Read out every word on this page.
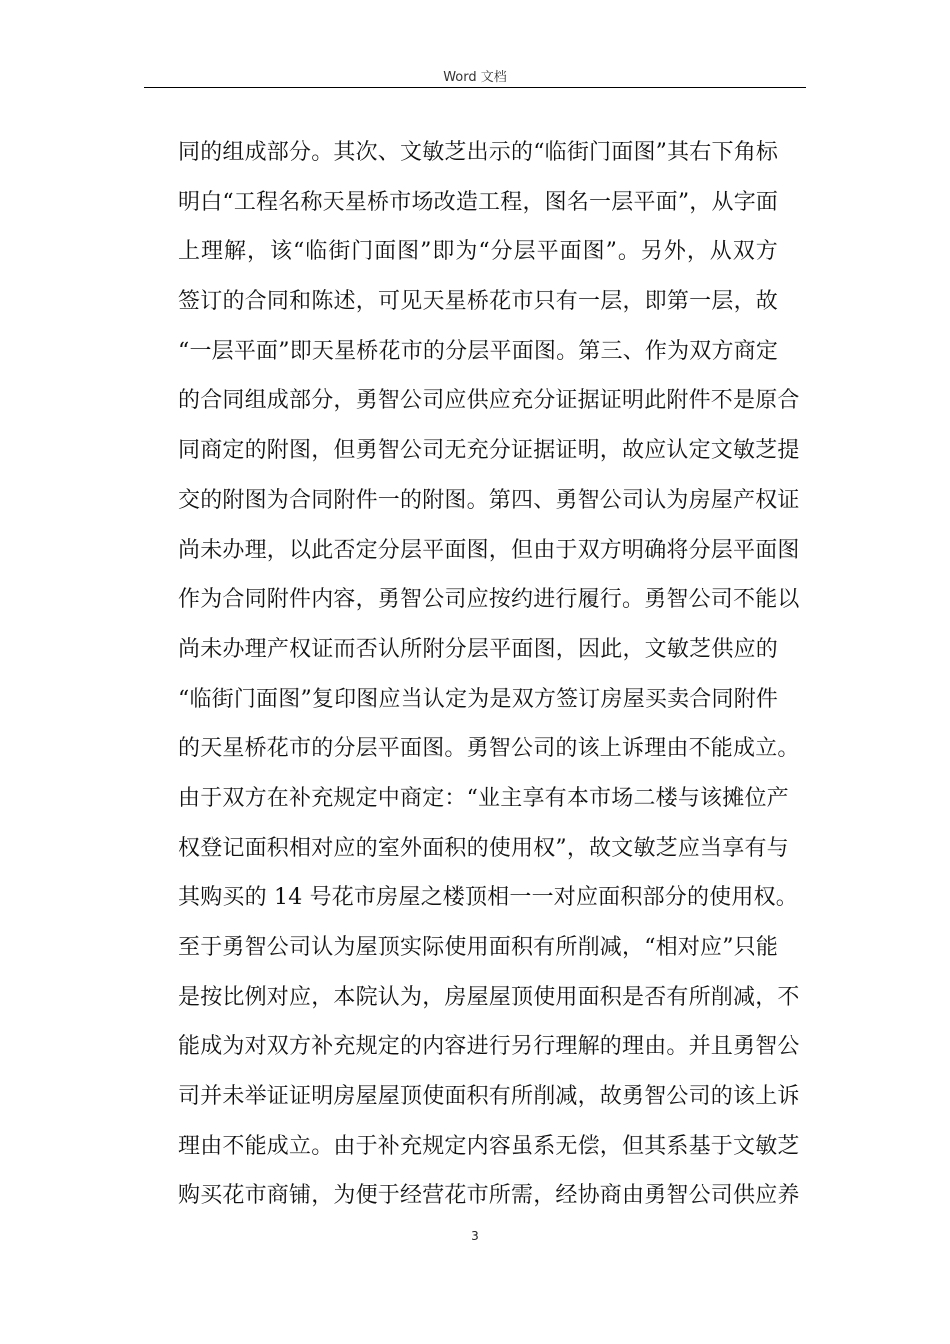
Word 文档
同的组成部分。其次、文敏芝出示的“临街门面图”其右下角标
明白“工程名称天星桥市场改造工程，图名一层平面”，从字面
上理解，该“临街门面图”即为“分层平面图”。另外，从双方
签订的合同和陈述，可见天星桥花市只有一层，即第一层，故
“一层平面”即天星桥花市的分层平面图。第三、作为双方商定
的合同组成部分，勇智公司应供应充分证据证明此附件不是原合
同商定的附图，但勇智公司无充分证据证明，故应认定文敏芝提
交的附图为合同附件一的附图。第四、勇智公司认为房屋产权证
尚未办理，以此否定分层平面图，但由于双方明确将分层平面图
作为合同附件内容，勇智公司应按约进行履行。勇智公司不能以
尚未办理产权证而否认所附分层平面图，因此，文敏芝供应的
“临街门面图”复印图应当认定为是双方签订房屋买卖合同附件
的天星桥花市的分层平面图。勇智公司的该上诉理由不能成立。
由于双方在补充规定中商定：“业主享有本市场二楼与该摊位产
权登记面积相对应的室外面积的使用权”，故文敏芝应当享有与
其购买的 14 号花市房屋之楼顶相一一对应面积部分的使用权。
至于勇智公司认为屋顶实际使用面积有所削减，“相对应”只能
是按比例对应，本院认为，房屋屋顶使用面积是否有所削减，不
能成为对双方补充规定的内容进行另行理解的理由。并且勇智公
司并未举证证明房屋屋顶使面积有所削减，故勇智公司的该上诉
理由不能成立。由于补充规定内容虽系无偿，但其系基于文敏芝
购买花市商铺，为便于经营花市所需，经协商由勇智公司供应养
3
